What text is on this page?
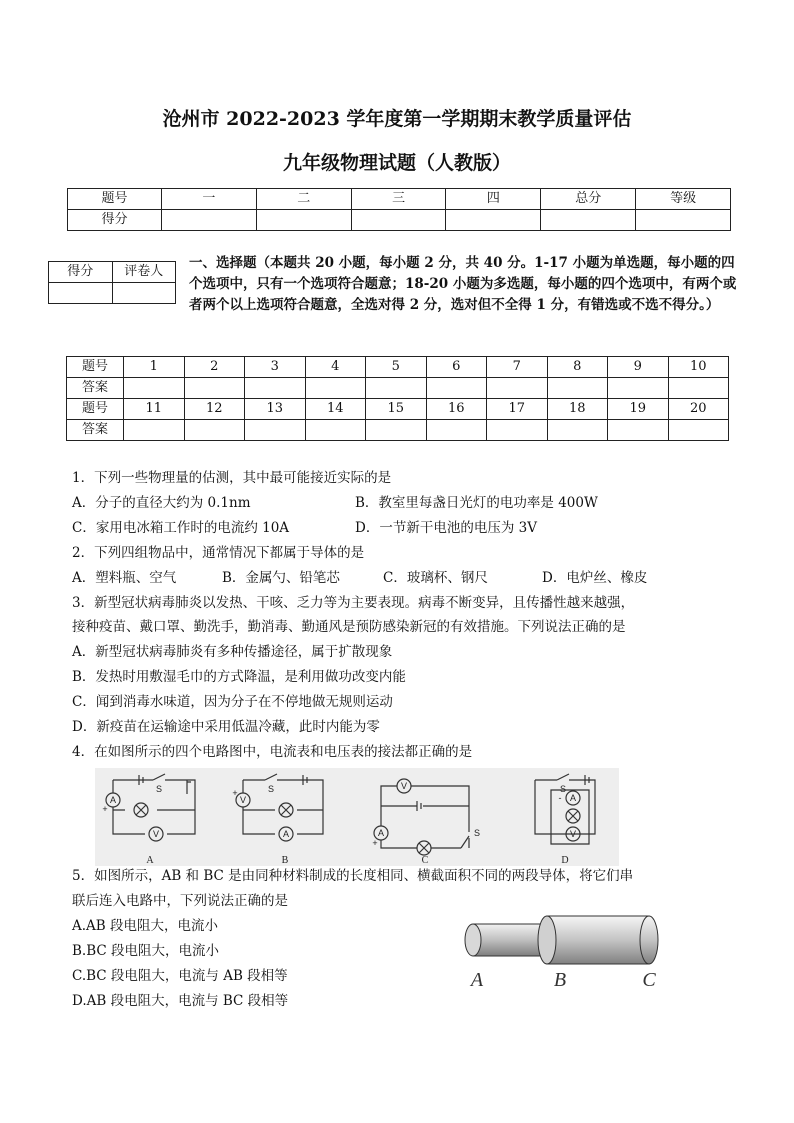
沧州市 2022-2023 学年度第一学期期末教学质量评估
九年级物理试题（人教版）
题号	一	二	三	四	总分	等级
得分						
得分	评卷人

一、选择题（本题共 20 小题，每小题 2 分，共 40 分。1-17 小题为单选题，每小题的四个选项中，只有一个选项符合题意；18-20 小题为多选题，每小题的四个选项中，有两个或者两个以上选项符合题意，全选对得 2 分，选对但不全得 1 分，有错选或不选不得分。）
题号	1	2	3	4	5	6	7	8	9	10
答案										
题号	11	12	13	14	15	16	17	18	19	20
答案										
1．下列一些物理量的估测，其中最可能接近实际的是
A．分子的直径大约为 0.1nm	B．教室里每盏日光灯的电功率是 400W
C．家用电冰箱工作时的电流约 10A	D．一节新干电池的电压为 3V
2．下列四组物品中，通常情况下都属于导体的是
A．塑料瓶、空气	B．金属勺、铅笔芯	C．玻璃杯、钢尺	D．电炉丝、橡皮
3．新型冠状病毒肺炎以发热、干咳、乏力等为主要表现。病毒不断变异，且传播性越来越强，
接种疫苗、戴口罩、勤洗手，勤消毒、勤通风是预防感染新冠的有效措施。下列说法正确的是
A．新型冠状病毒肺炎有多种传播途径，属于扩散现象
B．发热时用敷湿毛巾的方式降温，是利用做功改变内能
C．闻到消毒水味道，因为分子在不停地做无规则运动
D．新疫苗在运输途中采用低温冷藏，此时内能为零
4．在如图所示的四个电路图中，电流表和电压表的接法都正确的是
A
V
S
V
A
S	V
A	S
A
V
S
+
+
+
-
A	B	C	D
5．如图所示，AB 和 BC 是由同种材料制成的长度相同、横截面积不同的两段导体，将它们串
联后连入电路中，下列说法正确的是
A.AB 段电阻大，电流小
B.BC 段电阻大，电流小
C.BC 段电阻大，电流与 AB 段相等
D.AB 段电阻大，电流与 BC 段相等
A	B	C
